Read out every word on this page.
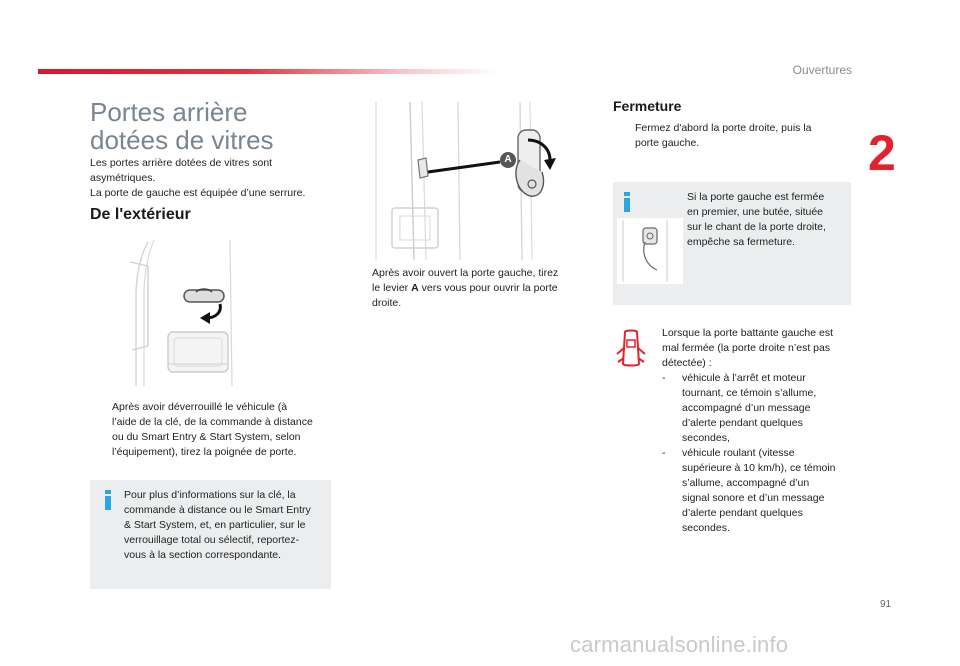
Ouvertures
2
Portes arrière
dotées de vitres
Les portes arrière dotées de vitres sont
asymétriques.
La porte de gauche est équipée d’une serrure.
De l'extérieur
Après avoir déverrouillé le véhicule (à
l’aide de la clé, de la commande à distance
ou du Smart Entry & Start System, selon
l’équipement), tirez la poignée de porte.
Pour plus d’informations sur la clé, la
commande à distance ou le Smart Entry
& Start System, et, en particulier, sur le
verrouillage total ou sélectif, reportez-
vous à la section correspondante.
A
Après avoir ouvert la porte gauche, tirez
le levier A vers vous pour ouvrir la porte
droite.
Fermeture
Fermez d'abord la porte droite, puis la
porte gauche.
Si la porte gauche est fermée
en premier, une butée, située
sur le chant de la porte droite,
empêche sa fermeture.
Lorsque la porte battante gauche est
mal fermée (la porte droite n’est pas
détectée) :
- véhicule à l’arrêt et moteur
tournant, ce témoin s’allume,
accompagné d’un message
d’alerte pendant quelques
secondes,
- véhicule roulant (vitesse
supérieure à 10 km/h), ce témoin
s’allume, accompagné d’un
signal sonore et d’un message
d’alerte pendant quelques
secondes.
91
carmanualsonline.info
